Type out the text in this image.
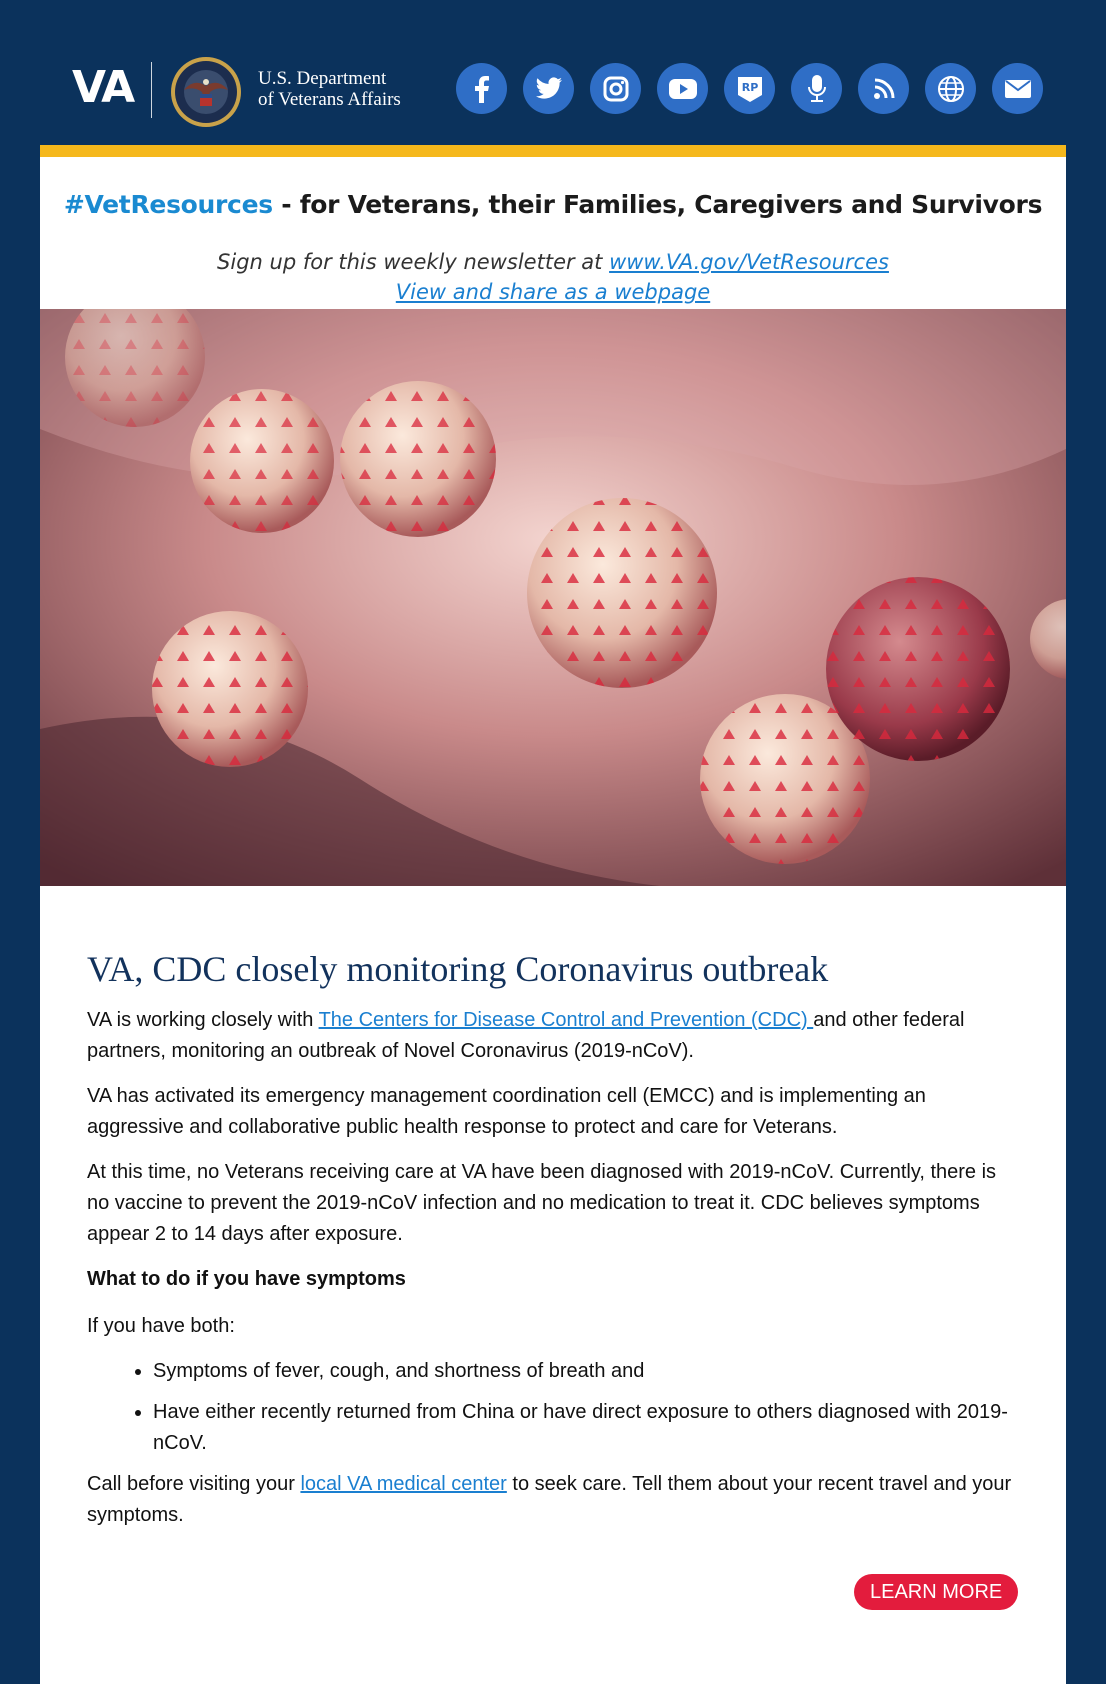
VA	U.S. Department
of Veterans Affairs
RP
#VetResources - for Veterans, their Families, Caregivers and Survivors
Sign up for this weekly newsletter at www.VA.gov/VetResources
View and share as a webpage
VA, CDC closely monitoring Coronavirus outbreak

VA is working closely with The Centers for Disease Control and Prevention (CDC) and other federal partners, monitoring an outbreak of Novel Coronavirus (2019-nCoV).

VA has activated its emergency management coordination cell (EMCC) and is implementing an aggressive and collaborative public health response to protect and care for Veterans.

At this time, no Veterans receiving care at VA have been diagnosed with 2019-nCoV. Currently, there is no vaccine to prevent the 2019-nCoV infection and no medication to treat it. CDC believes symptoms appear 2 to 14 days after exposure.

What to do if you have symptoms

If you have both:

• Symptoms of fever, cough, and shortness of breath and
• Have either recently returned from China or have direct exposure to others diagnosed with 2019-nCoV.

Call before visiting your local VA medical center to seek care. Tell them about your recent travel and your symptoms.

LEARN MORE
